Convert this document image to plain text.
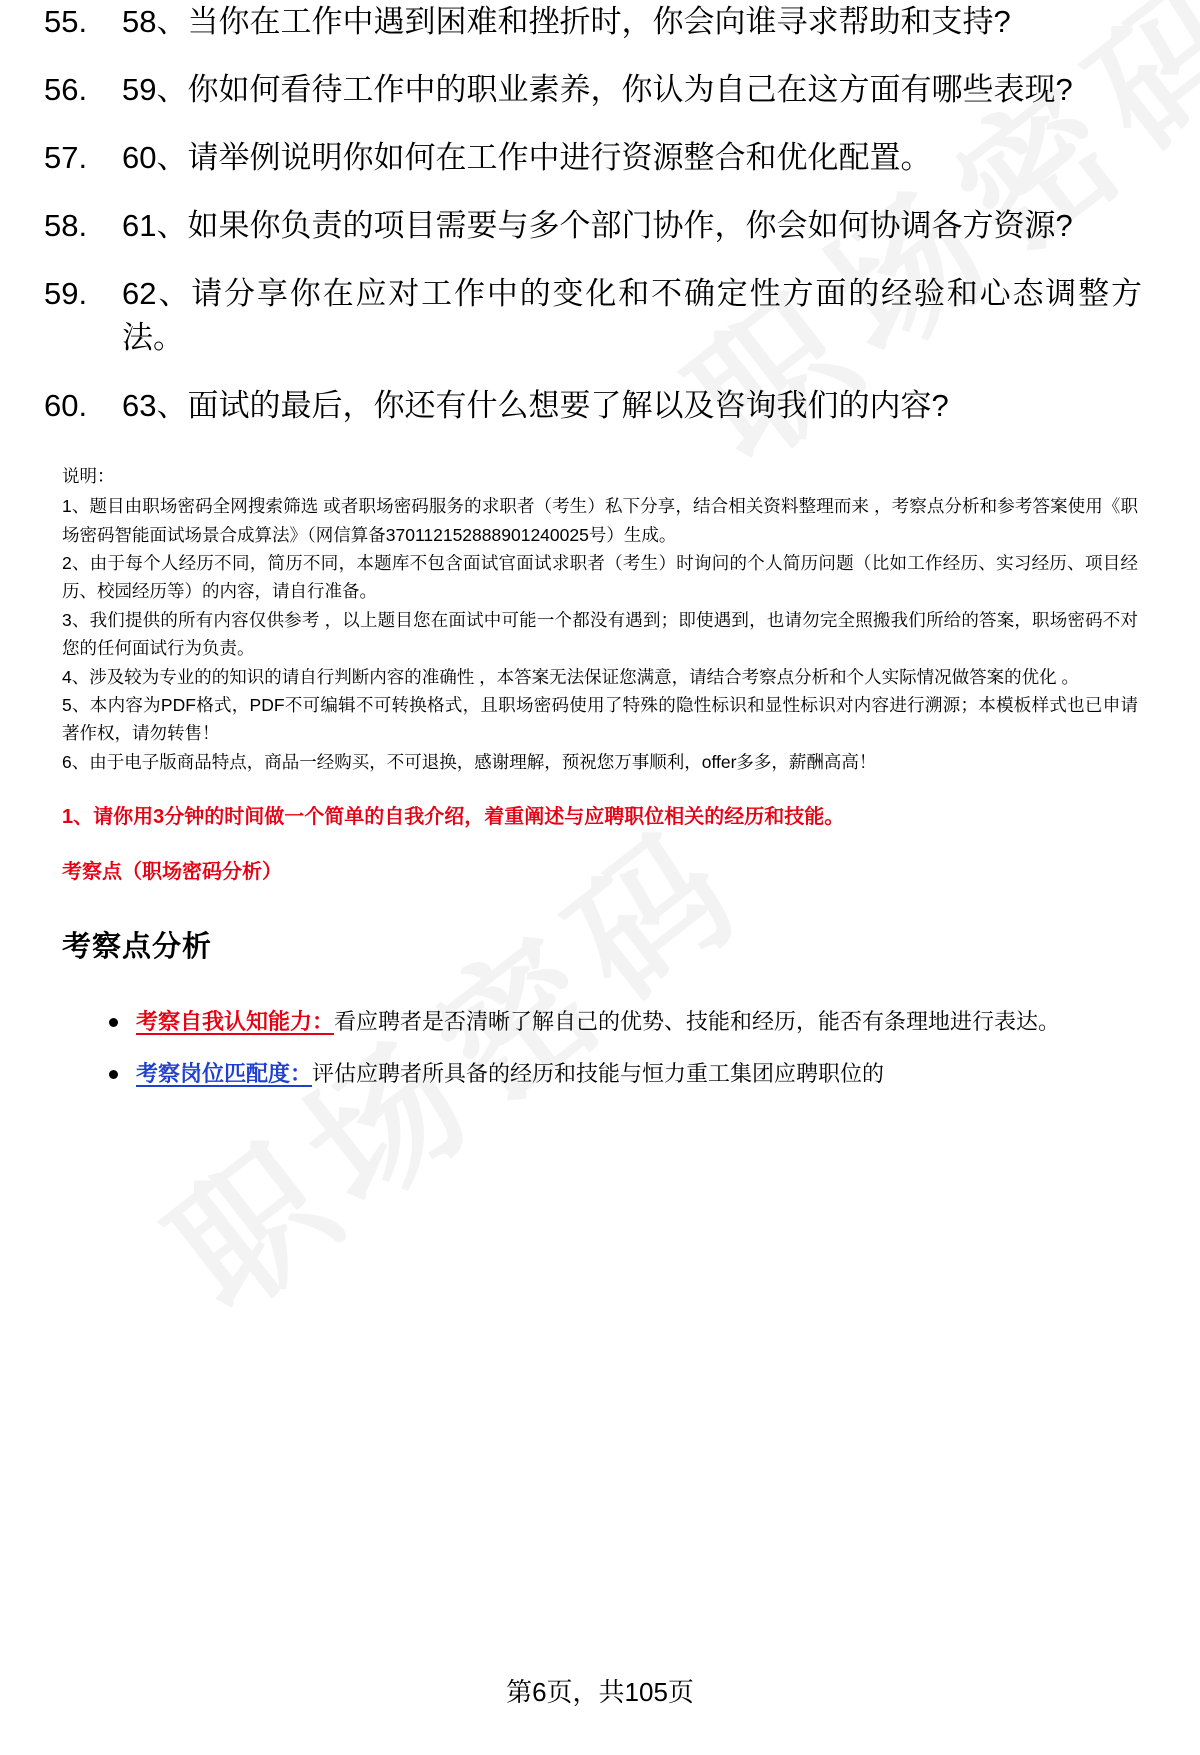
55.	58、当你在工作中遇到困难和挫折时，你会向谁寻求帮助和支持?
56.	59、你如何看待工作中的职业素养，你认为自己在这方面有哪些表现?
57.	60、请举例说明你如何在工作中进行资源整合和优化配置。
58.	61、如果你负责的项目需要与多个部门协作，你会如何协调各方资源?
59.	62、请分享你在应对工作中的变化和不确定性方面的经验和心态调整方法。
60.	63、面试的最后，你还有什么想要了解以及咨询我们的内容?

说明：

1、题目由职场密码全网搜索筛选 或者职场密码服务的求职者（考生）私下分享，结合相关资料整理而来 ，考察点分析和参考答案使用《职场密码智能面试场景合成算法》（网信算备370112152888901240025号）生成。

2、由于每个人经历不同，简历不同，本题库不包含面试官面试求职者（考生）时询问的个人简历问题（比如工作经历、实习经历、项目经历、校园经历等）的内容，请自行准备。

3、我们提供的所有内容仅供参考 ，以上题目您在面试中可能一个都没有遇到；即使遇到，也请勿完全照搬我们所给的答案，职场密码不对您的任何面试行为负责。

4、涉及较为专业的的知识的请自行判断内容的准确性 ，本答案无法保证您满意，请结合考察点分析和个人实际情况做答案的优化 。

5、本内容为PDF格式，PDF不可编辑不可转换格式，且职场密码使用了特殊的隐性标识和显性标识对内容进行溯源；本模板样式也已申请著作权，请勿转售！

6、由于电子版商品特点，商品一经购买，不可退换，感谢理解，预祝您万事顺利，offer多多，薪酬高高！

1、请你用3分钟的时间做一个简单的自我介绍，着重阐述与应聘职位相关的经历和技能。
考察点（职场密码分析）
考察点分析
考察自我认知能力：看应聘者是否清晰了解自己的优势、技能和经历，能否有条理地进行表达。
考察岗位匹配度：评估应聘者所具备的经历和技能与恒力重工集团应聘职位的
第6页，共105页
